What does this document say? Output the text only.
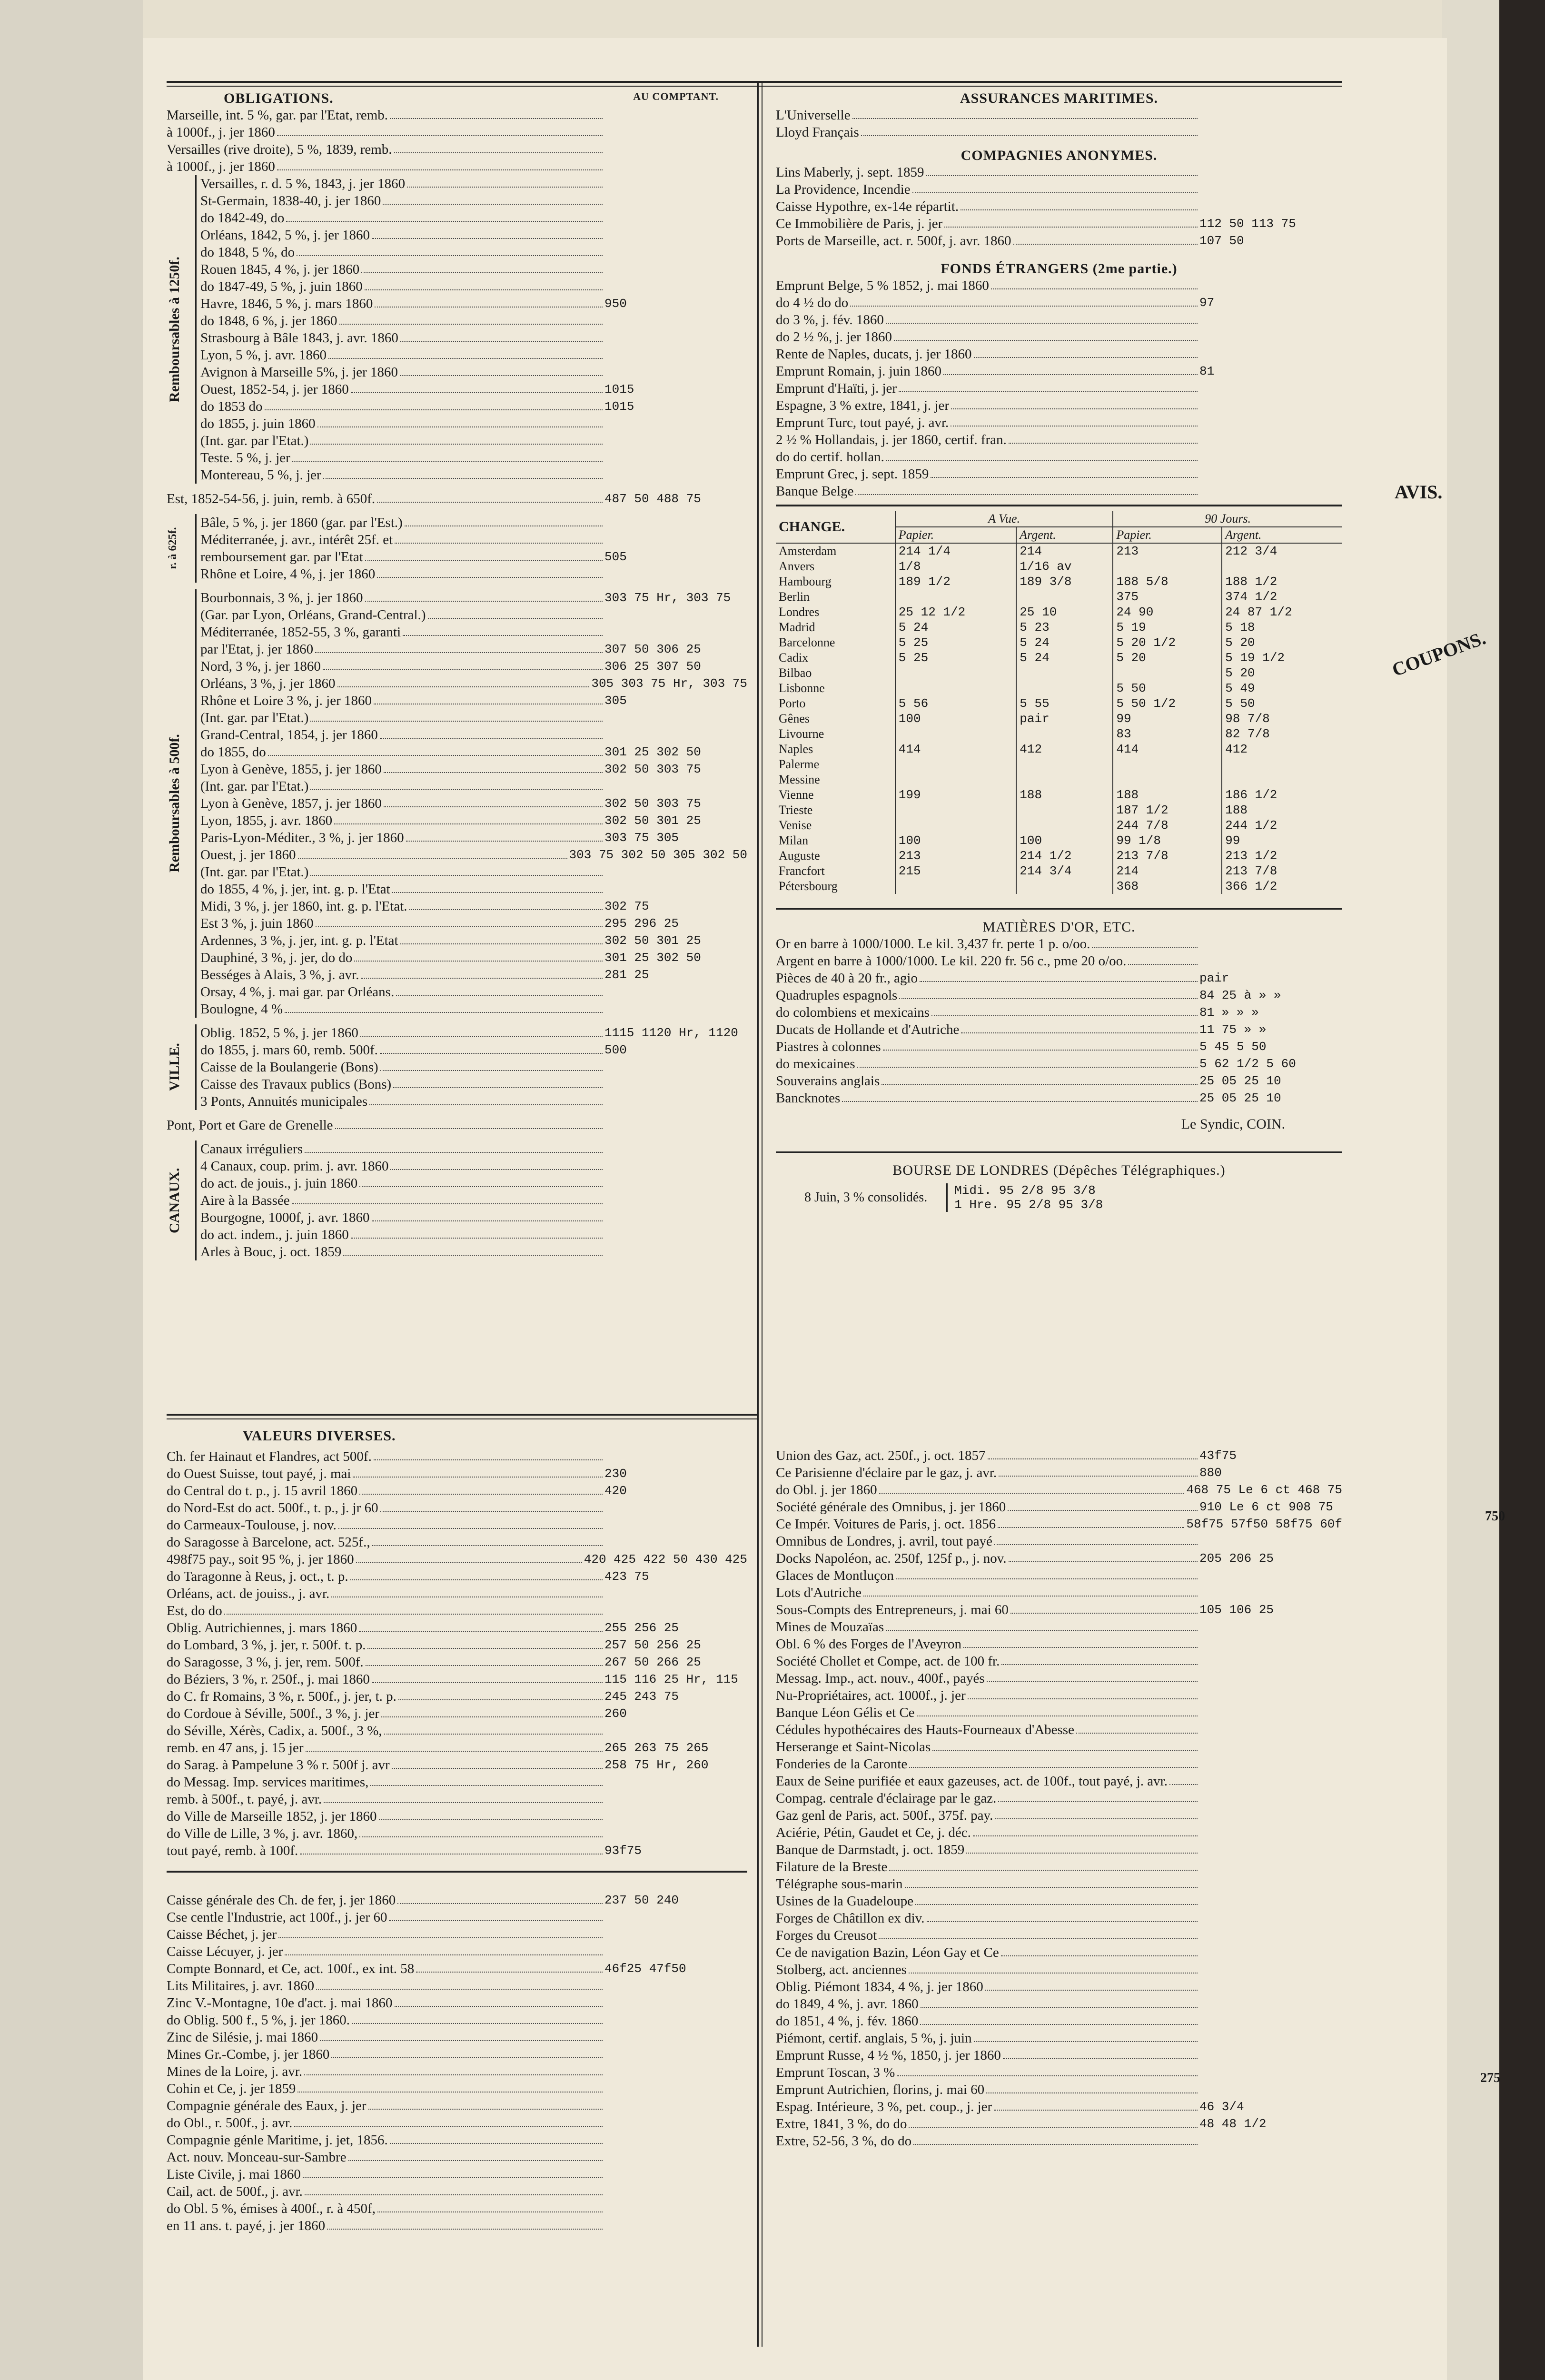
AVIS.
COUPONS.
750
275
OBLIGATIONS.	AU COMPTANT.
Marseille, int. 5 %, gar. par l'Etat, remb.
à 1000f., j. jer 1860
Versailles (rive droite), 5 %, 1839, remb.
à 1000f., j. jer 1860
Remboursables à 1250f.
Versailles, r. d. 5 %, 1843, j. jer 1860
St-Germain, 1838-40, j. jer 1860
do 1842-49, do
Orléans, 1842, 5 %, j. jer 1860
do 1848, 5 %, do
Rouen 1845, 4 %, j. jer 1860
do 1847-49, 5 %, j. juin 1860
Havre, 1846, 5 %, j. mars 1860	950
do 1848, 6 %, j. jer 1860
Strasbourg à Bâle 1843, j. avr. 1860
Lyon, 5 %, j. avr. 1860
Avignon à Marseille 5%, j. jer 1860
Ouest, 1852-54, j. jer 1860	1015
do 1853 do	1015
do 1855, j. juin 1860
(Int. gar. par l'Etat.)
Teste. 5 %, j. jer
Montereau, 5 %, j. jer
Est, 1852-54-56, j. juin, remb. à 650f.	487 50 488 75
r. à 625f.
Bâle, 5 %, j. jer 1860 (gar. par l'Est.)
Méditerranée, j. avr., intérêt 25f. et
remboursement gar. par l'Etat	505
Rhône et Loire, 4 %, j. jer 1860
Remboursables à 500f.
Bourbonnais, 3 %, j. jer 1860	303 75 Hr, 303 75
(Gar. par Lyon, Orléans, Grand-Central.)
Méditerranée, 1852-55, 3 %, garanti
par l'Etat, j. jer 1860	307 50 306 25
Nord, 3 %, j. jer 1860	306 25 307 50
Orléans, 3 %, j. jer 1860	305 303 75 Hr, 303 75
Rhône et Loire 3 %, j. jer 1860	305
(Int. gar. par l'Etat.)
Grand-Central, 1854, j. jer 1860
do 1855, do	301 25 302 50
Lyon à Genève, 1855, j. jer 1860	302 50 303 75
(Int. gar. par l'Etat.)
Lyon à Genève, 1857, j. jer 1860	302 50 303 75
Lyon, 1855, j. avr. 1860	302 50 301 25
Paris-Lyon-Méditer., 3 %, j. jer 1860	303 75 305
Ouest, j. jer 1860	303 75 302 50 305 302 50
(Int. gar. par l'Etat.)
do 1855, 4 %, j. jer, int. g. p. l'Etat
Midi, 3 %, j. jer 1860, int. g. p. l'Etat.	302 75
Est 3 %, j. juin 1860	295 296 25
Ardennes, 3 %, j. jer, int. g. p. l'Etat	302 50 301 25
Dauphiné, 3 %, j. jer, do do	301 25 302 50
Bességes à Alais, 3 %, j. avr.	281 25
Orsay, 4 %, j. mai gar. par Orléans.
Boulogne, 4 %
VILLE.
Oblig. 1852, 5 %, j. jer 1860	1115 1120 Hr, 1120
do 1855, j. mars 60, remb. 500f.	500
Caisse de la Boulangerie (Bons)
Caisse des Travaux publics (Bons)
3 Ponts, Annuités municipales
Pont, Port et Gare de Grenelle
CANAUX.
Canaux irréguliers
4 Canaux, coup. prim. j. avr. 1860
do act. de jouis., j. juin 1860
Aire à la Bassée
Bourgogne, 1000f, j. avr. 1860
do act. indem., j. juin 1860
Arles à Bouc, j. oct. 1859
VALEURS DIVERSES.
Ch. fer Hainaut et Flandres, act 500f.
do Ouest Suisse, tout payé, j. mai	230
do Central do t. p., j. 15 avril 1860	420
do Nord-Est do act. 500f., t. p., j. jr 60
do Carmeaux-Toulouse, j. nov.
do Saragosse à Barcelone, act. 525f.,
498f75 pay., soit 95 %, j. jer 1860	420 425 422 50 430 425
do Taragonne à Reus, j. oct., t. p.	423 75
Orléans, act. de jouiss., j. avr.
Est, do do
Oblig. Autrichiennes, j. mars 1860	255 256 25
do Lombard, 3 %, j. jer, r. 500f. t. p.	257 50 256 25
do Saragosse, 3 %, j. jer, rem. 500f.	267 50 266 25
do Béziers, 3 %, r. 250f., j. mai 1860	115 116 25 Hr, 115
do C. fr Romains, 3 %, r. 500f., j. jer, t. p.	245 243 75
do Cordoue à Séville, 500f., 3 %, j. jer	260
do Séville, Xérès, Cadix, a. 500f., 3 %,
remb. en 47 ans, j. 15 jer	265 263 75 265
do Sarag. à Pampelune 3 % r. 500f j. avr	258 75 Hr, 260
do Messag. Imp. services maritimes,
remb. à 500f., t. payé, j. avr.
do Ville de Marseille 1852, j. jer 1860
do Ville de Lille, 3 %, j. avr. 1860,
tout payé, remb. à 100f.	93f75
Caisse générale des Ch. de fer, j. jer 1860	237 50 240
Cse centle l'Industrie, act 100f., j. jer 60
Caisse Béchet, j. jer
Caisse Lécuyer, j. jer
Compte Bonnard, et Ce, act. 100f., ex int. 58	46f25 47f50
Lits Militaires, j. avr. 1860
Zinc V.-Montagne, 10e d'act. j. mai 1860
do Oblig. 500 f., 5 %, j. jer 1860.
Zinc de Silésie, j. mai 1860
Mines Gr.-Combe, j. jer 1860
Mines de la Loire, j. avr.
Cohin et Ce, j. jer 1859
Compagnie générale des Eaux, j. jer
do Obl., r. 500f., j. avr.
Compagnie génle Maritime, j. jet, 1856.
Act. nouv. Monceau-sur-Sambre
Liste Civile, j. mai 1860
Cail, act. de 500f., j. avr.
do Obl. 5 %, émises à 400f., r. à 450f,
en 11 ans. t. payé, j. jer 1860
ASSURANCES MARITIMES.
L'Universelle
Lloyd Français
COMPAGNIES ANONYMES.
Lins Maberly, j. sept. 1859
La Providence, Incendie
Caisse Hypothre, ex-14e répartit.
Ce Immobilière de Paris, j. jer	112 50 113 75
Ports de Marseille, act. r. 500f, j. avr. 1860	107 50
FONDS ÉTRANGERS (2me partie.)
Emprunt Belge, 5 % 1852, j. mai 1860
do 4 ½ do do	97
do 3 %, j. fév. 1860
do 2 ½ %, j. jer 1860
Rente de Naples, ducats, j. jer 1860
Emprunt Romain, j. juin 1860	81
Emprunt d'Haïti, j. jer
Espagne, 3 % extre, 1841, j. jer
Emprunt Turc, tout payé, j. avr.
2 ½ % Hollandais, j. jer 1860, certif. fran.
do do certif. hollan.
Emprunt Grec, j. sept. 1859
Banque Belge
CHANGE.	A Vue.		90 Jours.	
	Papier.	Argent.	Papier.	Argent.
Amsterdam	214 1/4	214	213	212 3/4
Anvers	1/8	1/16 av		
Hambourg	189 1/2	189 3/8	188 5/8	188 1/2
Berlin			375	374 1/2
Londres	25 12 1/2	25 10	24 90	24 87 1/2
Madrid	5 24	5 23	5 19	5 18
Barcelonne	5 25	5 24	5 20 1/2	5 20
Cadix	5 25	5 24	5 20	5 19 1/2
Bilbao				5 20
Lisbonne			5 50	5 49
Porto	5 56	5 55	5 50 1/2	5 50
Gênes	100	pair	99	98 7/8
Livourne			83	82 7/8
Naples	414	412	414	412
Palerme				
Messine				
Vienne	199	188	188	186 1/2
Trieste			187 1/2	188
Venise			244 7/8	244 1/2
Milan	100	100	99 1/8	99
Auguste	213	214 1/2	213 7/8	213 1/2
Francfort	215	214 3/4	214	213 7/8
Pétersbourg			368	366 1/2
MATIÈRES D'OR, ETC.
Or en barre à 1000/1000. Le kil. 3,437 fr. perte 1 p. o/oo.
Argent en barre à 1000/1000. Le kil. 220 fr. 56 c., pme 20 o/oo.
Pièces de 40 à 20 fr., agio	pair
Quadruples espagnols	84 25 à » »
do colombiens et mexicains	81 » » »
Ducats de Hollande et d'Autriche	11 75 » »
Piastres à colonnes	5 45 5 50
do mexicaines	5 62 1/2 5 60
Souverains anglais	25 05 25 10
Bancknotes	25 05 25 10
Le Syndic, COIN.
BOURSE DE LONDRES (Dépêches Télégraphiques.)
8 Juin, 3 % consolidés. Midi. 95 2/8 95 3/8
1 Hre. 95 2/8 95 3/8
Union des Gaz, act. 250f., j. oct. 1857	43f75
Ce Parisienne d'éclaire par le gaz, j. avr.	880
do Obl. j. jer 1860	468 75 Le 6 ct 468 75
Société générale des Omnibus, j. jer 1860	910 Le 6 ct 908 75
Ce Impér. Voitures de Paris, j. oct. 1856	58f75 57f50 58f75 60f
Omnibus de Londres, j. avril, tout payé
Docks Napoléon, ac. 250f, 125f p., j. nov.	205 206 25
Glaces de Montluçon
Lots d'Autriche
Sous-Compts des Entrepreneurs, j. mai 60	105 106 25
Mines de Mouzaïas
Obl. 6 % des Forges de l'Aveyron
Société Chollet et Compe, act. de 100 fr.
Messag. Imp., act. nouv., 400f., payés
Nu-Propriétaires, act. 1000f., j. jer
Banque Léon Gélis et Ce
Cédules hypothécaires des Hauts-Fourneaux d'Abesse
Herserange et Saint-Nicolas
Fonderies de la Caronte
Eaux de Seine purifiée et eaux gazeuses, act. de 100f., tout payé, j. avr.
Compag. centrale d'éclairage par le gaz.
Gaz genl de Paris, act. 500f., 375f. pay.
Aciérie, Pétin, Gaudet et Ce, j. déc.
Banque de Darmstadt, j. oct. 1859
Filature de la Breste
Télégraphe sous-marin
Usines de la Guadeloupe
Forges de Châtillon ex div.
Forges du Creusot
Ce de navigation Bazin, Léon Gay et Ce
Stolberg, act. anciennes
Oblig. Piémont 1834, 4 %, j. jer 1860
do 1849, 4 %, j. avr. 1860
do 1851, 4 %, j. fév. 1860
Piémont, certif. anglais, 5 %, j. juin
Emprunt Russe, 4 ½ %, 1850, j. jer 1860
Emprunt Toscan, 3 %
Emprunt Autrichien, florins, j. mai 60
Espag. Intérieure, 3 %, pet. coup., j. jer	46 3/4
Extre, 1841, 3 %, do do	48 48 1/2
Extre, 52-56, 3 %, do do
